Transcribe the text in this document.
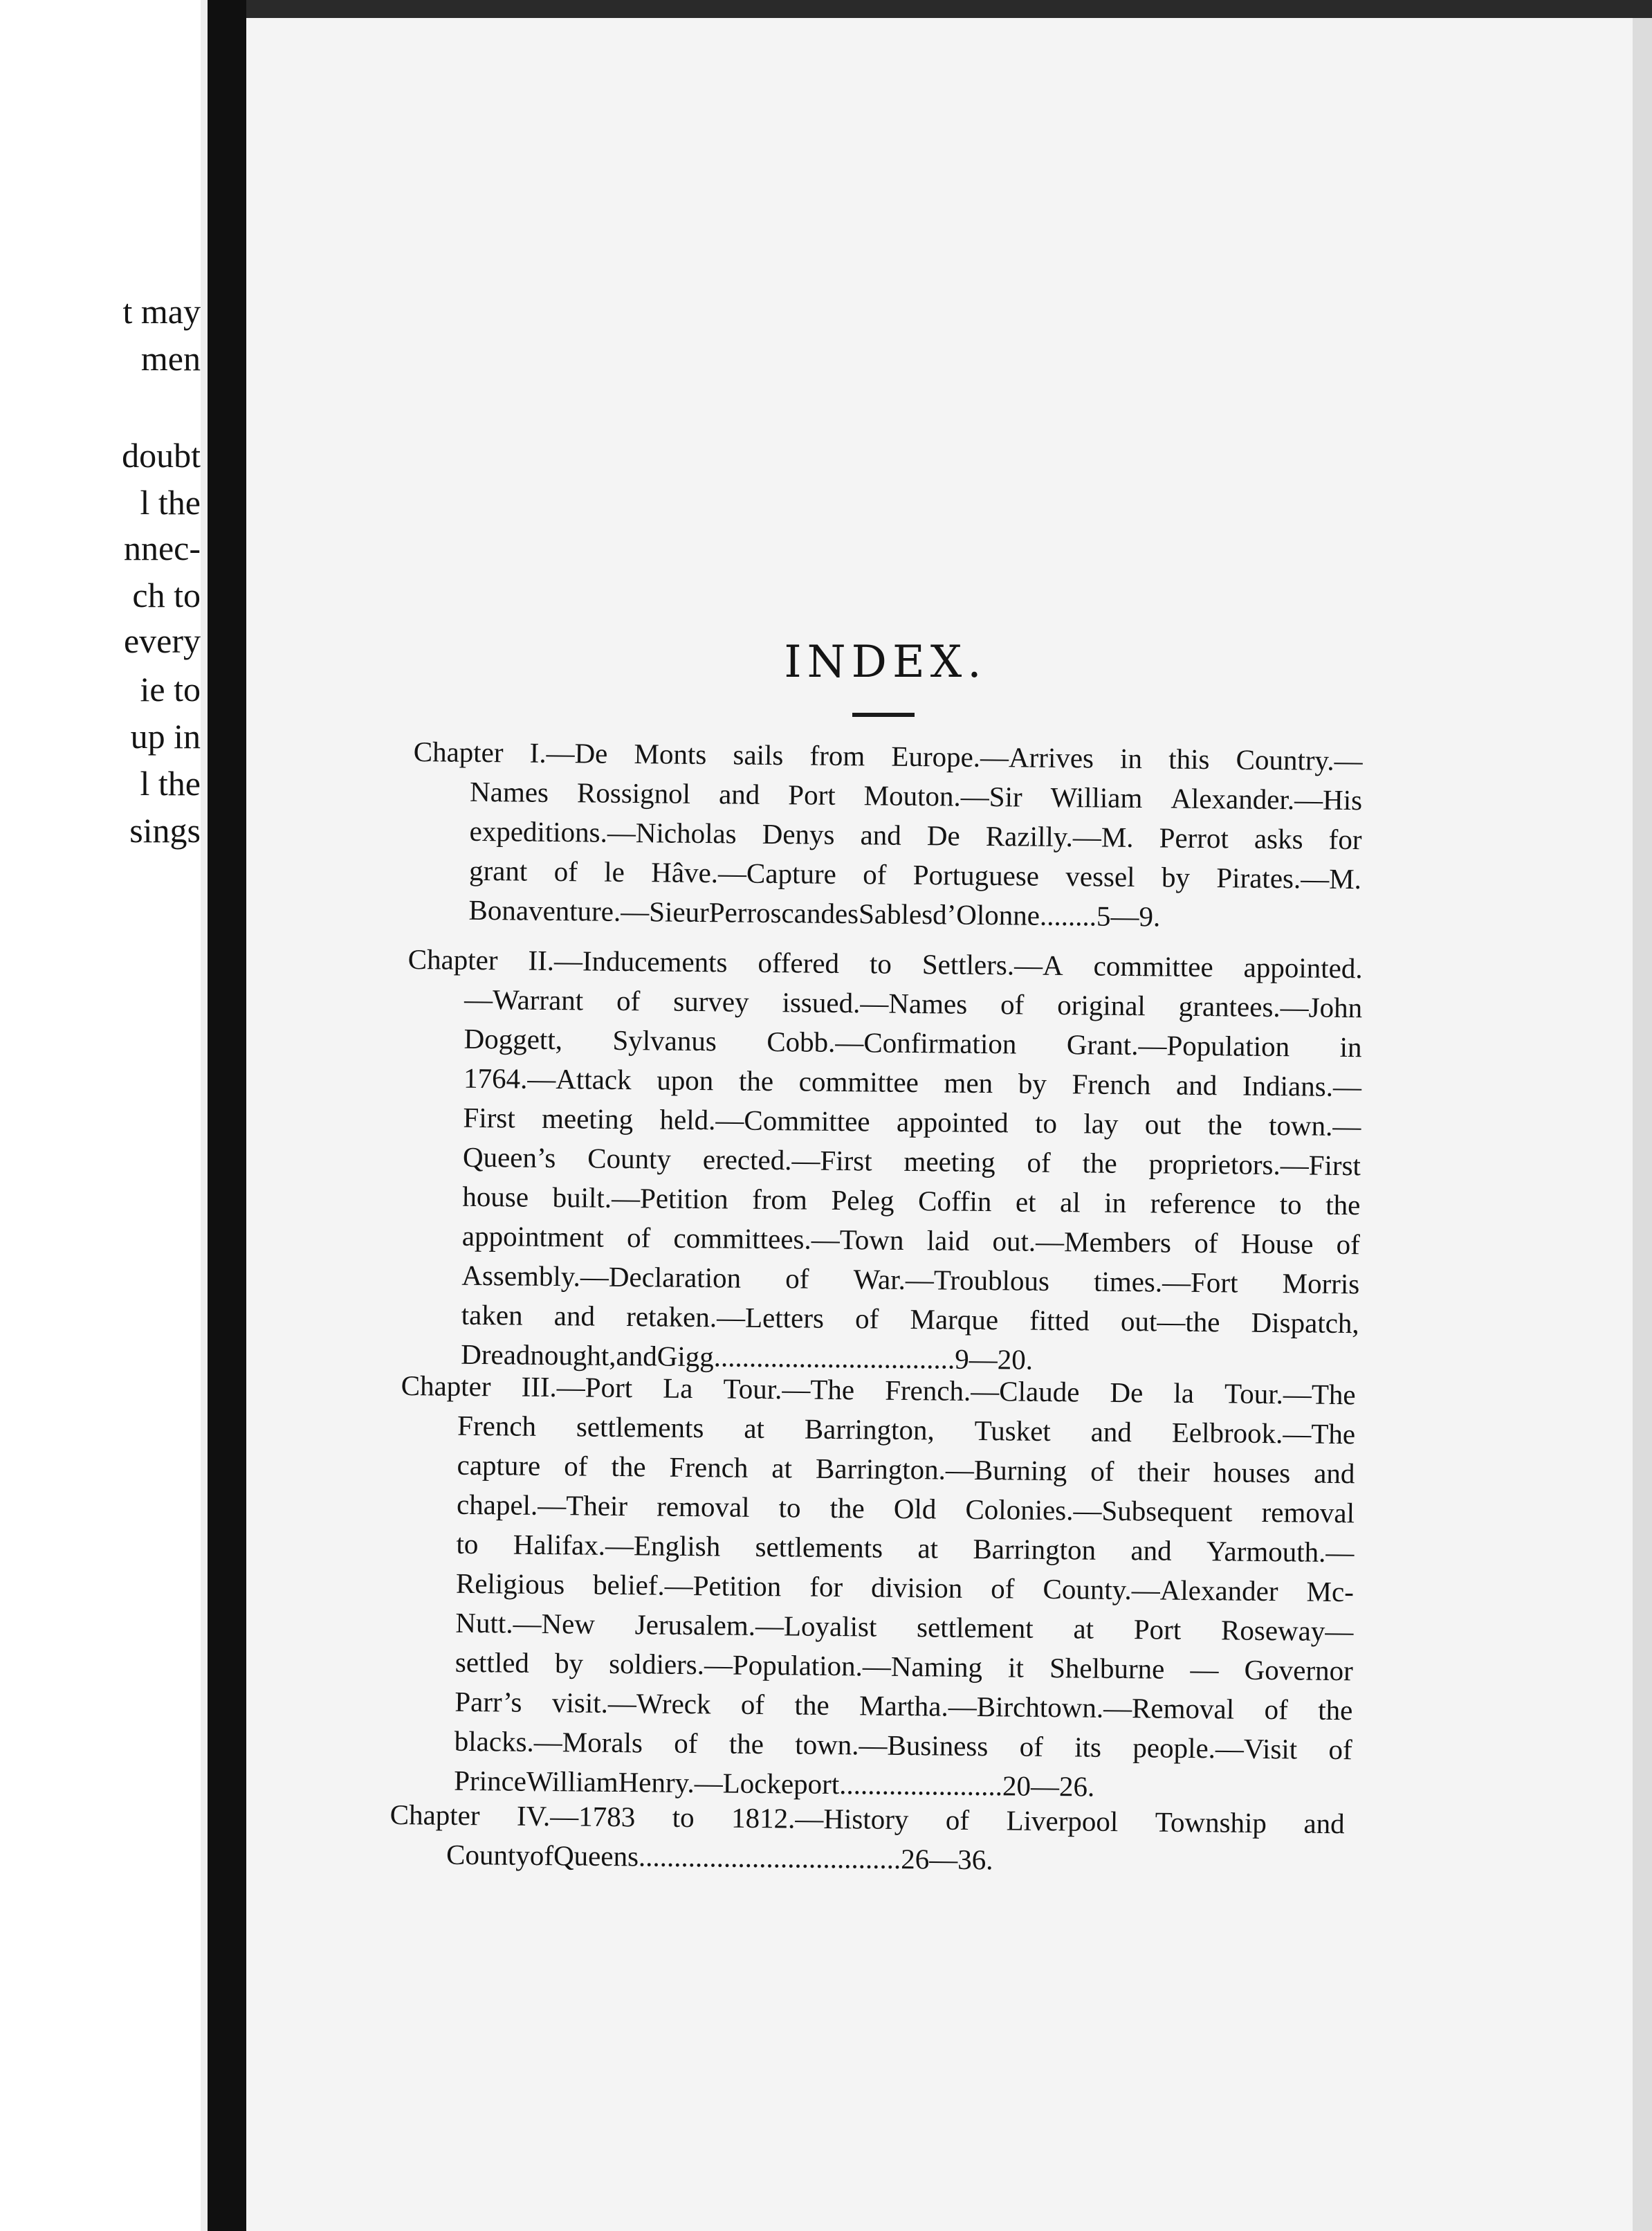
t may
men
doubt
l the
nnec-
ch to
every
ie to
up in
l the
sings
INDEX.
Chapter I.—De Monts sails from Europe.—Arrives in this Country.—
Names Rossignol and Port Mouton.—Sir William Alexander.—His
expeditions.—Nicholas Denys and De Razilly.—M. Perrot asks for
grant of le Hâve.—Capture of Portuguese vessel by Pirates.—M.
Bonaventure.—Sieur Perroscan des Sables d’Olonne........5—9.
Chapter II.—Inducements offered to Settlers.—A committee appointed.
—Warrant of survey issued.—Names of original grantees.—John
Doggett, Sylvanus Cobb.—Confirmation Grant.—Population in
1764.—Attack upon the committee men by French and Indians.—
First meeting held.—Committee appointed to lay out the town.—
Queen’s County erected.—First meeting of the proprietors.—First
house built.—Petition from Peleg Coffin et al in reference to the
appointment of committees.—Town laid out.—Members of House of
Assembly.—Declaration of War.—Troublous times.—Fort Morris
taken and retaken.—Letters of Marque fitted out—the Dispatch,
Dreadnought, and Gigg ..................................9—20.
Chapter III.—Port La Tour.—The French.—Claude De la Tour.—The
French settlements at Barrington, Tusket and Eelbrook.—The
capture of the French at Barrington.—Burning of their houses and
chapel.—Their removal to the Old Colonies.—Subsequent removal
to Halifax.—English settlements at Barrington and Yarmouth.—
Religious belief.—Petition for division of County.—Alexander Mc-
Nutt.—New Jerusalem.—Loyalist settlement at Port Roseway—
settled by soldiers.—Population.—Naming it Shelburne — Governor
Parr’s visit.—Wreck of the Martha.—Birchtown.—Removal of the
blacks.—Morals of the town.—Business of its people.—Visit of
Prince William Henry.—Lockeport .......................20—26.
Chapter IV.—1783 to 1812.—History of Liverpool Township and
County of Queens .....................................26—36.
